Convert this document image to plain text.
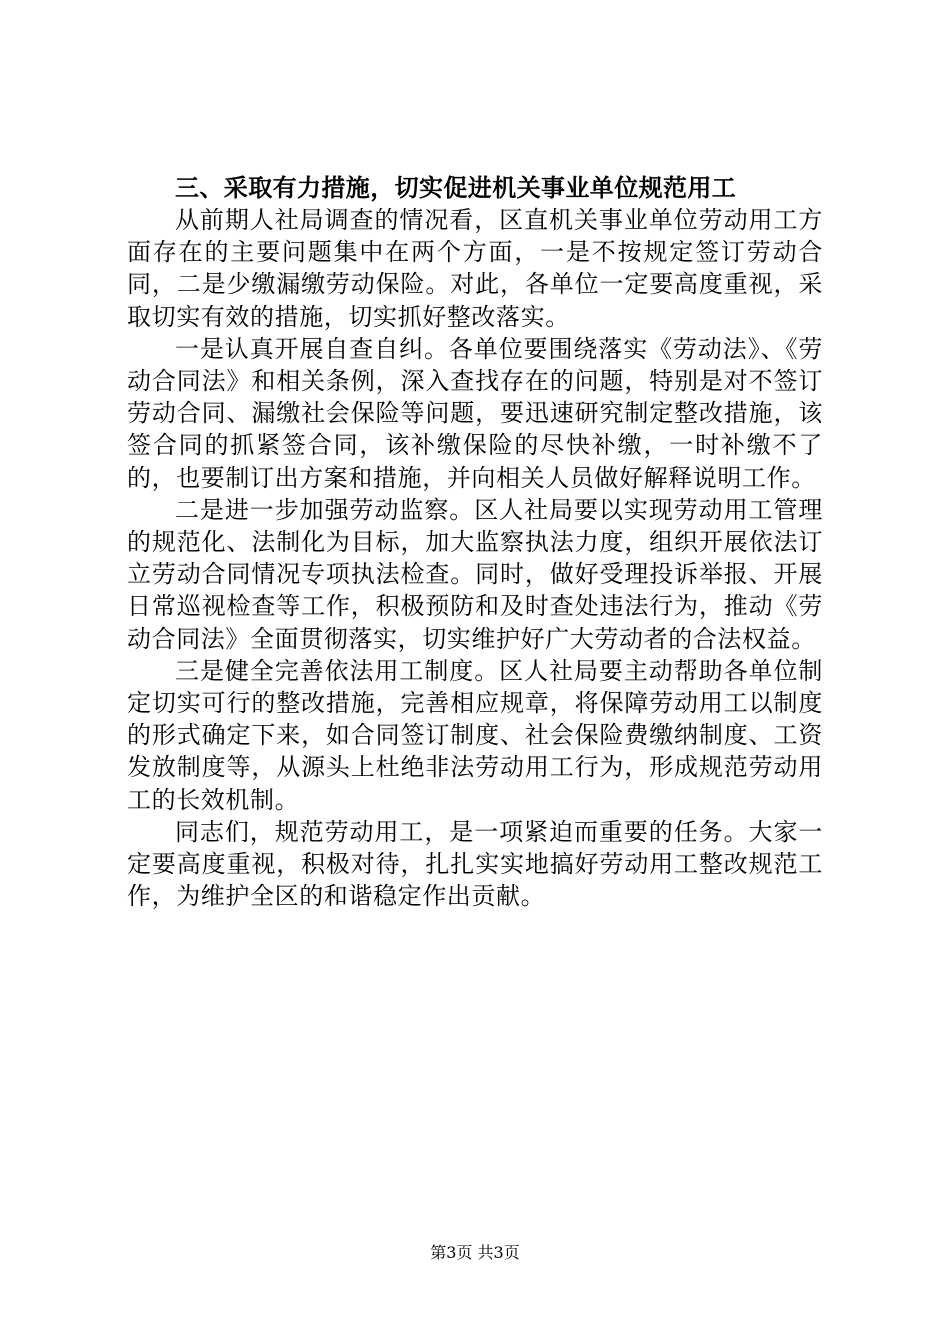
三、采取有力措施，切实促进机关事业单位规范用工

从前期人社局调查的情况看，区直机关事业单位劳动用工方面存在的主要问题集中在两个方面，一是不按规定签订劳动合同，二是少缴漏缴劳动保险。对此，各单位一定要高度重视，采取切实有效的措施，切实抓好整改落实。

一是认真开展自查自纠。各单位要围绕落实《劳动法》、《劳动合同法》和相关条例，深入查找存在的问题，特别是对不签订劳动合同、漏缴社会保险等问题，要迅速研究制定整改措施，该签合同的抓紧签合同，该补缴保险的尽快补缴，一时补缴不了的，也要制订出方案和措施，并向相关人员做好解释说明工作。

二是进一步加强劳动监察。区人社局要以实现劳动用工管理的规范化、法制化为目标，加大监察执法力度，组织开展依法订立劳动合同情况专项执法检查。同时，做好受理投诉举报、开展日常巡视检查等工作，积极预防和及时查处违法行为，推动《劳动合同法》全面贯彻落实，切实维护好广大劳动者的合法权益。

三是健全完善依法用工制度。区人社局要主动帮助各单位制定切实可行的整改措施，完善相应规章，将保障劳动用工以制度的形式确定下来，如合同签订制度、社会保险费缴纳制度、工资发放制度等，从源头上杜绝非法劳动用工行为，形成规范劳动用工的长效机制。

同志们，规范劳动用工，是一项紧迫而重要的任务。大家一定要高度重视，积极对待，扎扎实实地搞好劳动用工整改规范工作，为维护全区的和谐稳定作出贡献。

第3页 共3页
